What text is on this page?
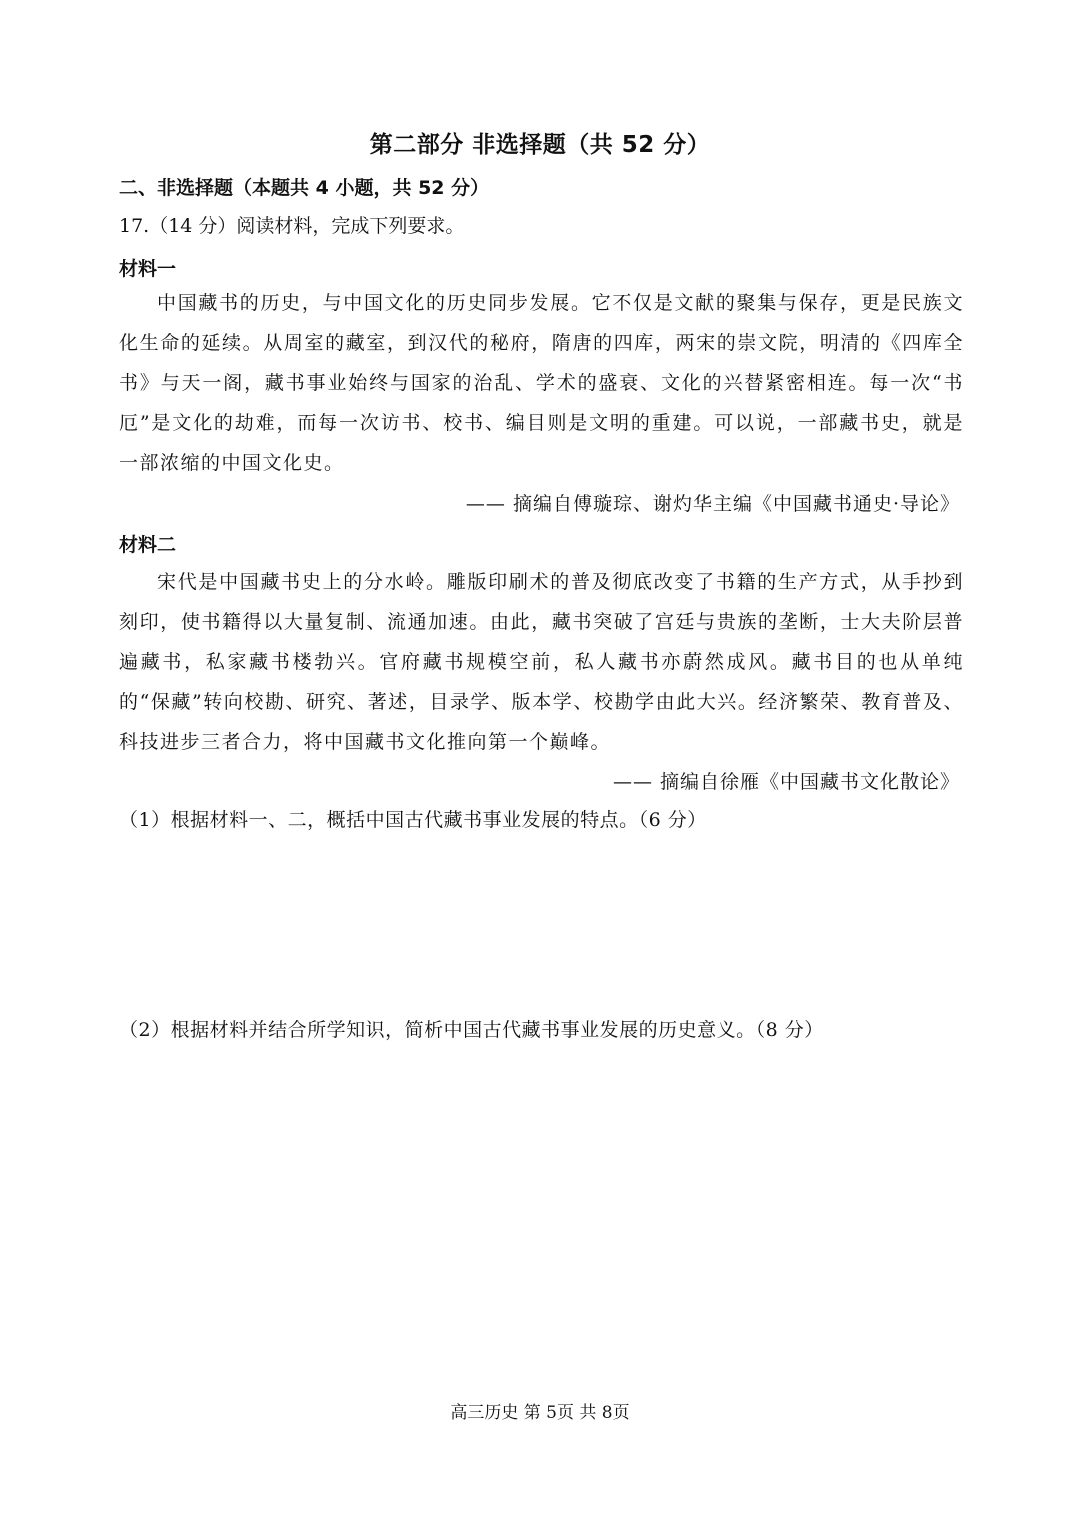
第二部分 非选择题（共 52 分）
二、非选择题（本题共 4 小题，共 52 分）
17.（14 分）阅读材料，完成下列要求。
材料一
中国藏书的历史，与中国文化的历史同步发展。它不仅是文献的聚集与保存，更是民族文化生命的延续。从周室的藏室，到汉代的秘府，隋唐的四库，两宋的崇文院，明清的《四库全书》与天一阁，藏书事业始终与国家的治乱、学术的盛衰、文化的兴替紧密相连。每一次“书厄”是文化的劫难，而每一次访书、校书、编目则是文明的重建。可以说，一部藏书史，就是一部浓缩的中国文化史。
—— 摘编自傅璇琮、谢灼华主编《中国藏书通史·导论》
材料二
宋代是中国藏书史上的分水岭。雕版印刷术的普及彻底改变了书籍的生产方式，从手抄到刻印，使书籍得以大量复制、流通加速。由此，藏书突破了宫廷与贵族的垄断，士大夫阶层普遍藏书，私家藏书楼勃兴。官府藏书规模空前，私人藏书亦蔚然成风。藏书目的也从单纯的“保藏”转向校勘、研究、著述，目录学、版本学、校勘学由此大兴。经济繁荣、教育普及、科技进步三者合力，将中国藏书文化推向第一个巅峰。
—— 摘编自徐雁《中国藏书文化散论》
（1）根据材料一、二，概括中国古代藏书事业发展的特点。（6 分）
（2）根据材料并结合所学知识，简析中国古代藏书事业发展的历史意义。（8 分）
高三历史 第 5页 共 8页
